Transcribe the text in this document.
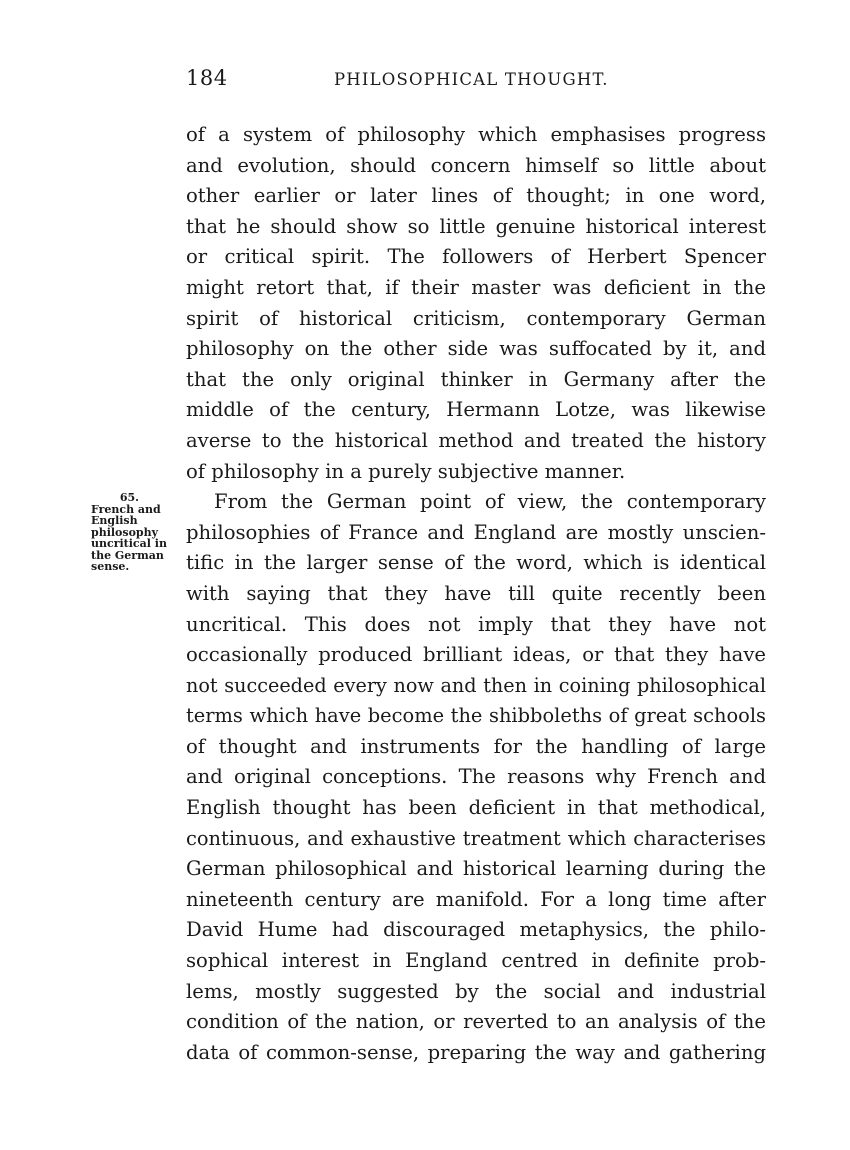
184	PHILOSOPHICAL THOUGHT.
65.
French and
English
philosophy
uncritical in
the German
sense.
of a system of philosophy which emphasises progress
and evolution, should concern himself so little about
other earlier or later lines of thought; in one word,
that he should show so little genuine historical interest
or critical spirit. The followers of Herbert Spencer
might retort that, if their master was deficient in the
spirit of historical criticism, contemporary German
philosophy on the other side was suffocated by it, and
that the only original thinker in Germany after the
middle of the century, Hermann Lotze, was likewise
averse to the historical method and treated the history
of philosophy in a purely subjective manner.
From the German point of view, the contemporary
philosophies of France and England are mostly unscien-
tific in the larger sense of the word, which is identical
with saying that they have till quite recently been
uncritical. This does not imply that they have not
occasionally produced brilliant ideas, or that they have
not succeeded every now and then in coining philosophical
terms which have become the shibboleths of great schools
of thought and instruments for the handling of large
and original conceptions. The reasons why French and
English thought has been deficient in that methodical,
continuous, and exhaustive treatment which characterises
German philosophical and historical learning during the
nineteenth century are manifold. For a long time after
David Hume had discouraged metaphysics, the philo-
sophical interest in England centred in definite prob-
lems, mostly suggested by the social and industrial
condition of the nation, or reverted to an analysis of the
data of common-sense, preparing the way and gathering
